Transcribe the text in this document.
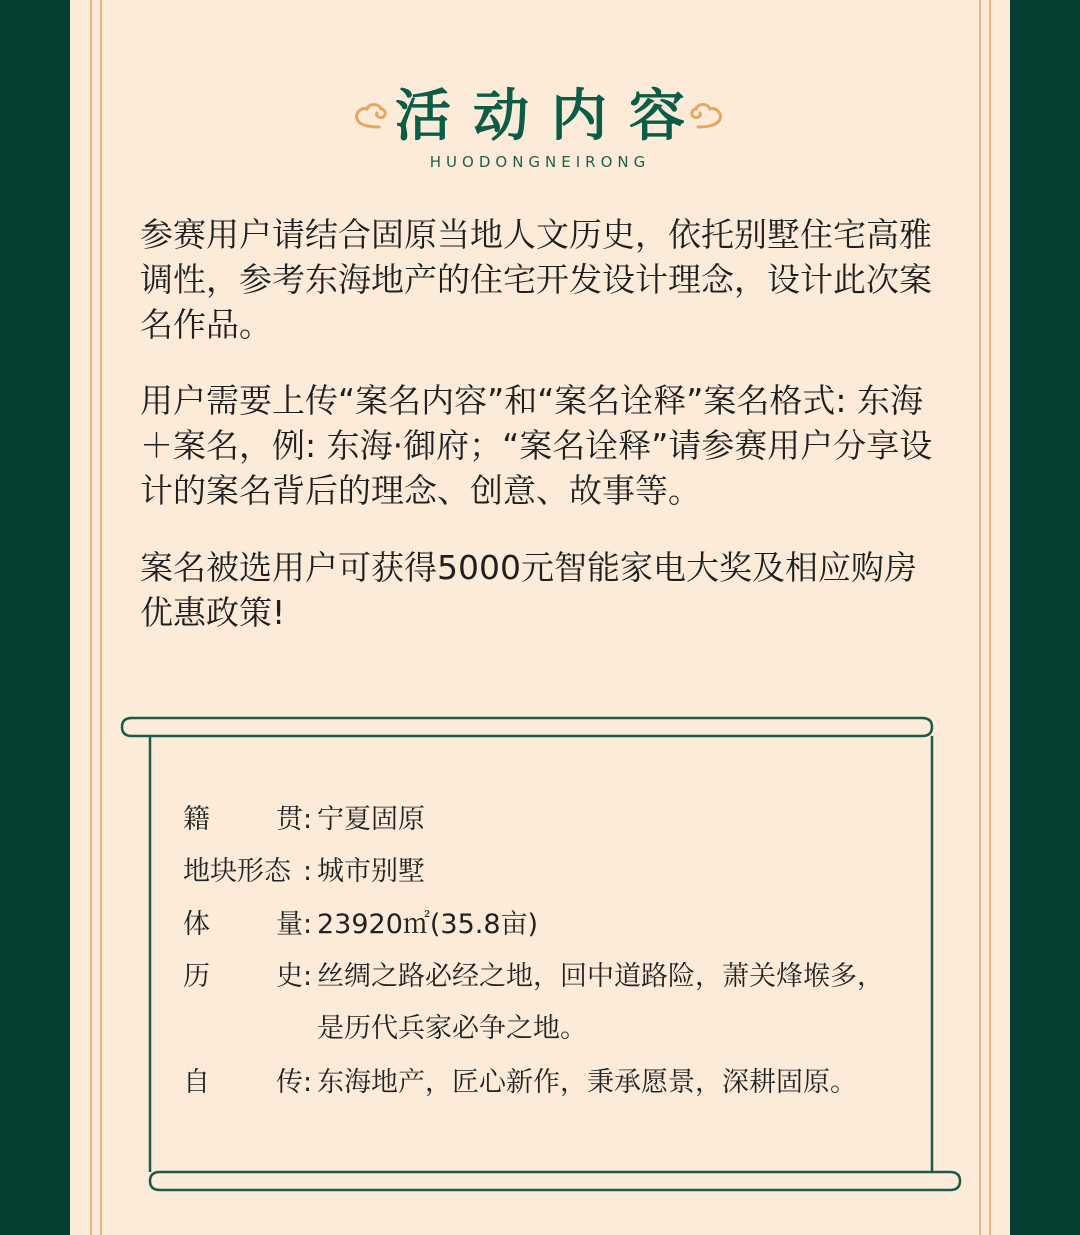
活动内容
HUODONGNEIRONG

参赛用户请结合固原当地人文历史，依托别墅住宅高雅调性，参考东海地产的住宅开发设计理念，设计此次案名作品。

用户需要上传“案名内容”和“案名诠释”案名格式: 东海＋案名，例: 东海·御府；“案名诠释”请参赛用户分享设计的案名背后的理念、创意、故事等。

案名被选用户可获得5000元智能家电大奖及相应购房优惠政策!

籍 贯 : 宁夏固原
地块形态 : 城市别墅
体 量 : 23920㎡(35.8亩)
历 史 : 丝绸之路必经之地，回中道路险，萧关烽堠多，
是历代兵家必争之地。
自 传 : 东海地产，匠心新作，秉承愿景，深耕固原。
